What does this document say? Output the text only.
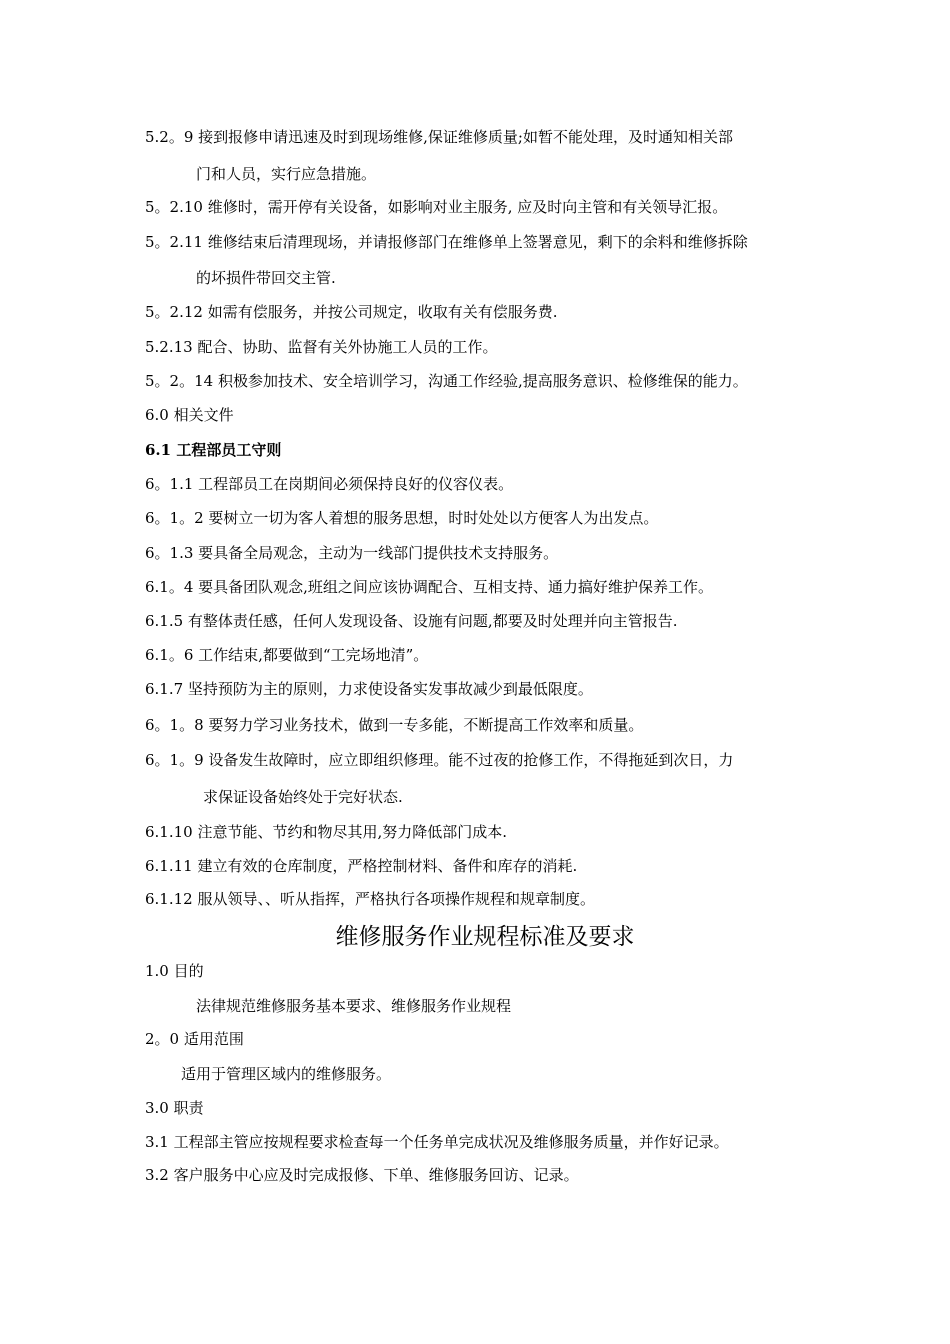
5.2。9 接到报修申请迅速及时到现场维修,保证维修质量;如暂不能处理，及时通知相关部
门和人员，实行应急措施。
5。2.10 维修时，需开停有关设备，如影响对业主服务, 应及时向主管和有关领导汇报。
5。2.11 维修结束后清理现场，并请报修部门在维修单上签署意见，剩下的余料和维修拆除
的坏损件带回交主管.
5。2.12 如需有偿服务，并按公司规定，收取有关有偿服务费.
5.2.13 配合、协助、监督有关外协施工人员的工作。
5。2。14 积极参加技术、安全培训学习，沟通工作经验,提高服务意识、检修维保的能力。
6.0 相关文件
6.1 工程部员工守则
6。1.1 工程部员工在岗期间必须保持良好的仪容仪表。
6。1。2 要树立一切为客人着想的服务思想，时时处处以方便客人为出发点。
6。1.3 要具备全局观念，主动为一线部门提供技术支持服务。
6.1。4 要具备团队观念,班组之间应该协调配合、互相支持、通力搞好维护保养工作。
6.1.5 有整体责任感，任何人发现设备、设施有问题,都要及时处理并向主管报告.
6.1。6 工作结束,都要做到“工完场地清”。
6.1.7 坚持预防为主的原则，力求使设备实发事故减少到最低限度。
6。1。8 要努力学习业务技术，做到一专多能，不断提高工作效率和质量。
6。1。9 设备发生故障时，应立即组织修理。能不过夜的抢修工作，不得拖延到次日，力
求保证设备始终处于完好状态.
6.1.10 注意节能、节约和物尽其用,努力降低部门成本.
6.1.11 建立有效的仓库制度，严格控制材料、备件和库存的消耗.
6.1.12 服从领导、、听从指挥，严格执行各项操作规程和规章制度。
维修服务作业规程标准及要求
1.0 目的
法律规范维修服务基本要求、维修服务作业规程
2。0 适用范围
适用于管理区域内的维修服务。
3.0 职责
3.1 工程部主管应按规程要求检查每一个任务单完成状况及维修服务质量，并作好记录。
3.2 客户服务中心应及时完成报修、下单、维修服务回访、记录。
